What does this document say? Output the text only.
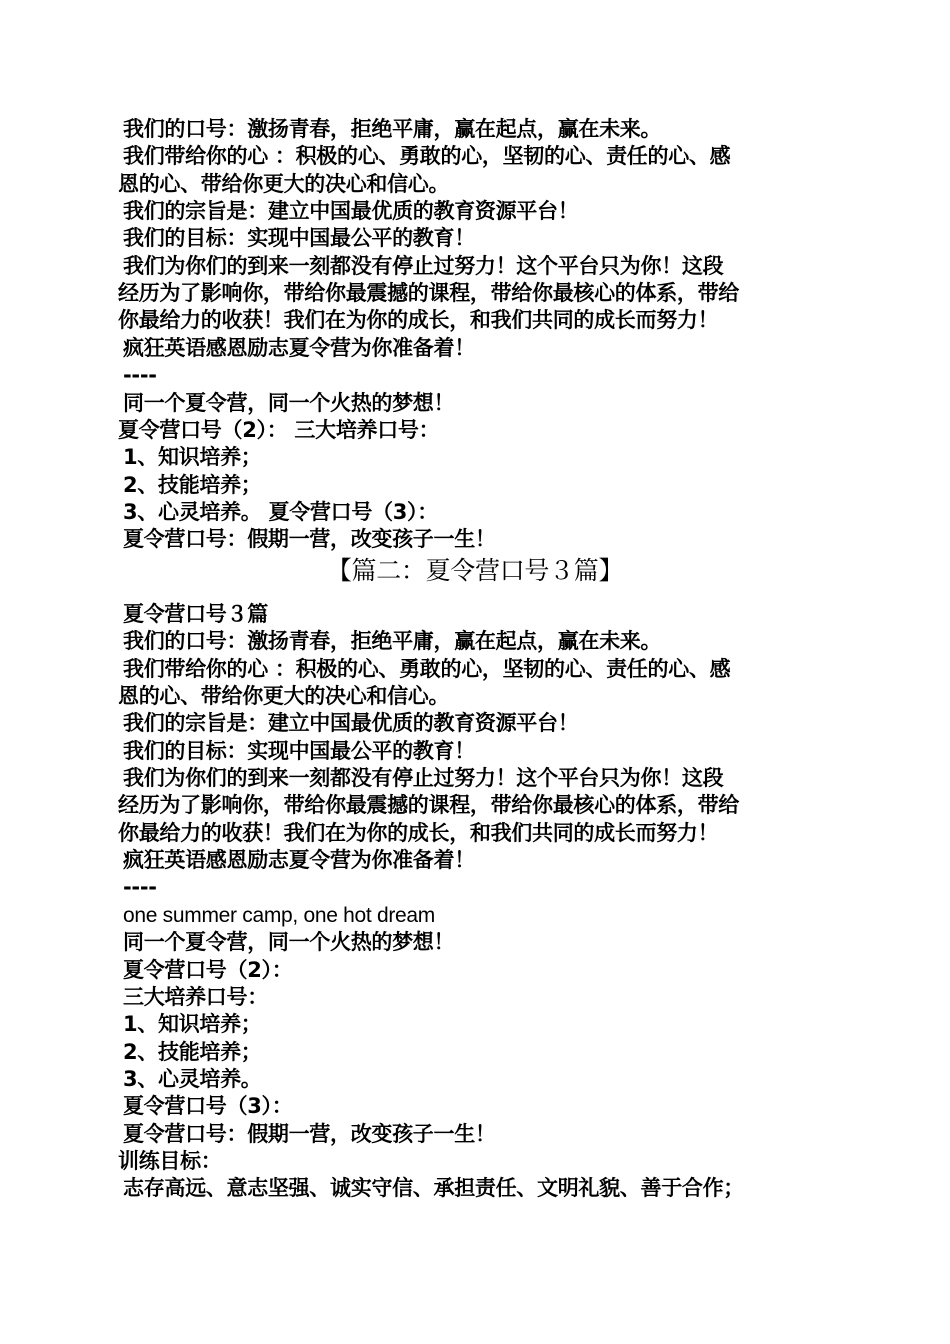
我们的口号：激扬青春，拒绝平庸，赢在起点，赢在未来。
我们带给你的心 ：积极的心、勇敢的心，坚韧的心、责任的心、感
恩的心、带给你更大的决心和信心。
我们的宗旨是：建立中国最优质的教育资源平台！
我们的目标：实现中国最公平的教育！
我们为你们的到来一刻都没有停止过努力！这个平台只为你！这段
经历为了影响你，带给你最震撼的课程，带给你最核心的体系，带给
你最给力的收获！我们在为你的成长，和我们共同的成长而努力！
疯狂英语感恩励志夏令营为你准备着！
----
同一个夏令营，同一个火热的梦想！
夏令营口号（2）： 三大培养口号：
1、知识培养；
2、技能培养；
3、心灵培养。 夏令营口号（3）：
夏令营口号：假期一营，改变孩子一生！
【篇二：夏令营口号３篇】
夏令营口号３篇
我们的口号：激扬青春，拒绝平庸，赢在起点，赢在未来。
我们带给你的心 ：积极的心、勇敢的心，坚韧的心、责任的心、感
恩的心、带给你更大的决心和信心。
我们的宗旨是：建立中国最优质的教育资源平台！
我们的目标：实现中国最公平的教育！
我们为你们的到来一刻都没有停止过努力！这个平台只为你！这段
经历为了影响你，带给你最震撼的课程，带给你最核心的体系，带给
你最给力的收获！我们在为你的成长，和我们共同的成长而努力！
疯狂英语感恩励志夏令营为你准备着！
----
one summer camp, one hot dream
同一个夏令营，同一个火热的梦想！
夏令营口号（2）：
三大培养口号：
1、知识培养；
2、技能培养；
3、心灵培养。
夏令营口号（3）：
夏令营口号：假期一营，改变孩子一生！
训练目标：
志存高远、意志坚强、诚实守信、承担责任、文明礼貌、善于合作；
